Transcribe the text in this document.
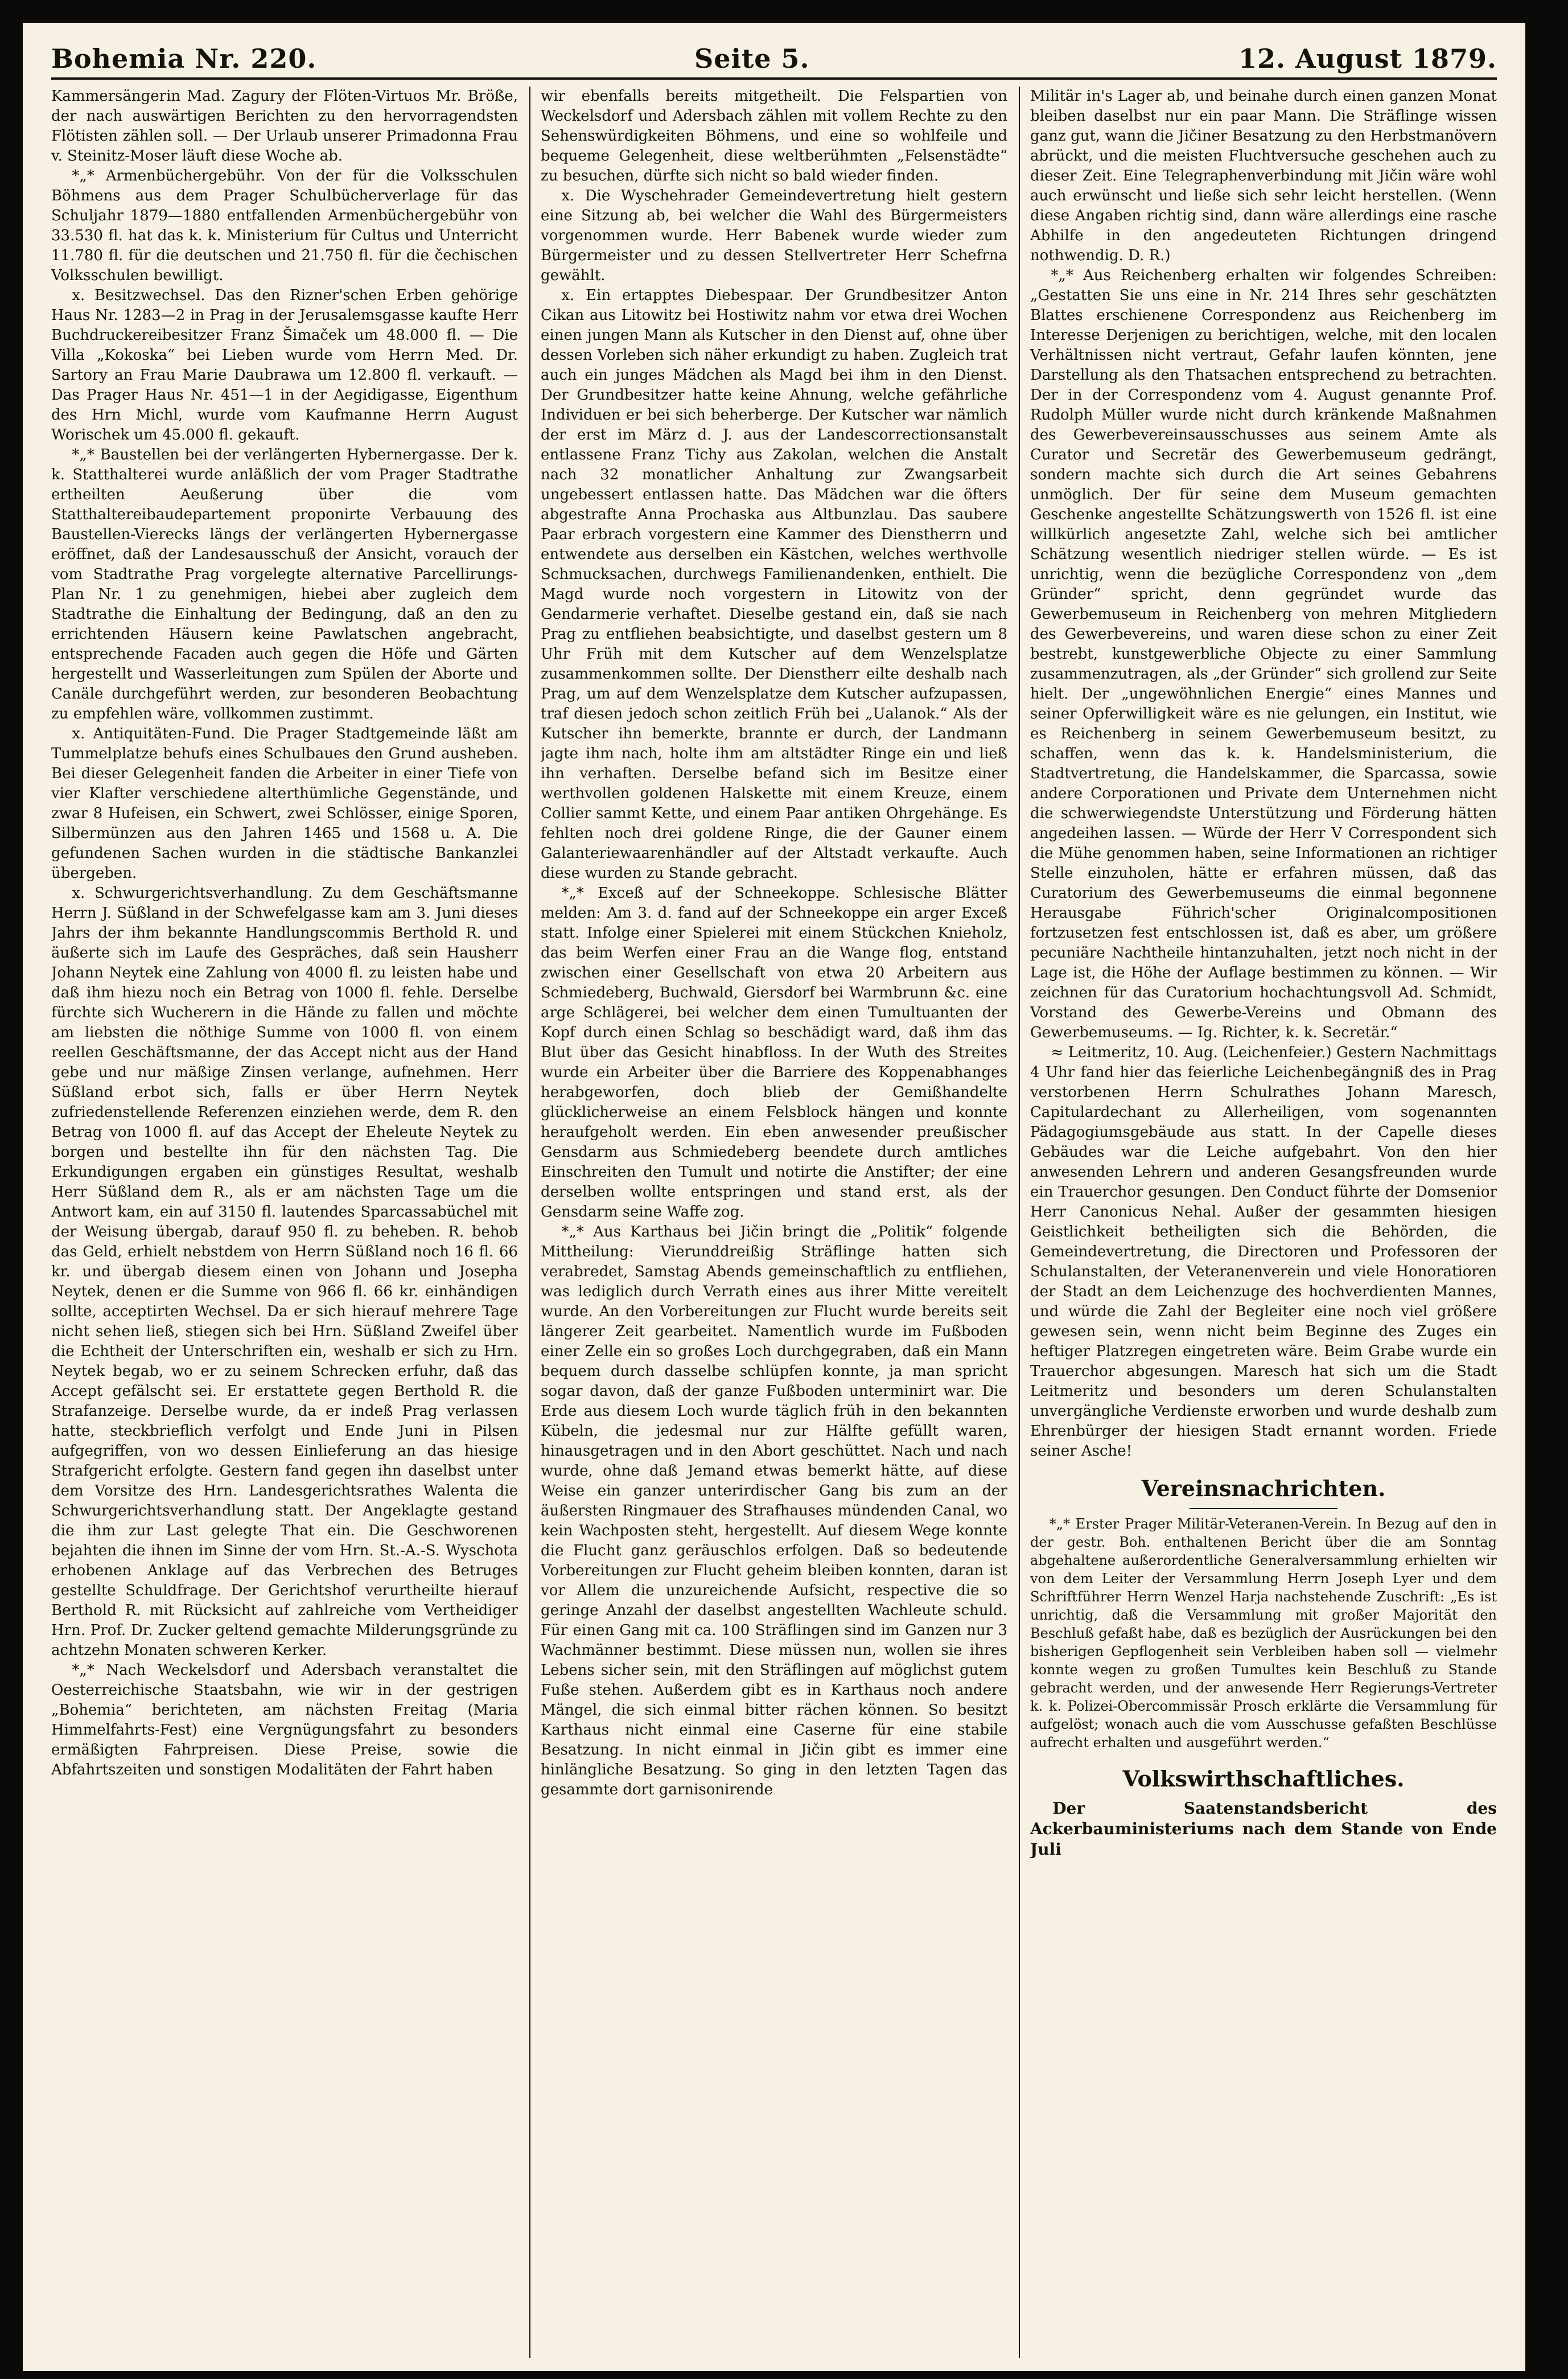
Bohemia Nr. 220.	Seite 5.	12. August 1879.

Kammersängerin Mad. Zagury der Flöten-Virtuos Mr. Bröße, der nach auswärtigen Berichten zu den hervorragendsten Flötisten zählen soll. — Der Urlaub unserer Primadonna Frau v. Steinitz-Moser läuft diese Woche ab.

*„* Armenbüchergebühr. Von der für die Volksschulen Böhmens aus dem Prager Schulbücherverlage für das Schuljahr 1879—1880 entfallenden Armenbüchergebühr von 33.530 fl. hat das k. k. Ministerium für Cultus und Unterricht 11.780 fl. für die deutschen und 21.750 fl. für die čechischen Volksschulen bewilligt.

x. Besitzwechsel. Das den Rizner'schen Erben gehörige Haus Nr. 1283—2 in Prag in der Jerusalemsgasse kaufte Herr Buchdruckereibesitzer Franz Šimaček um 48.000 fl. — Die Villa „Kokoska“ bei Lieben wurde vom Herrn Med. Dr. Sartory an Frau Marie Daubrawa um 12.800 fl. verkauft. — Das Prager Haus Nr. 451—1 in der Aegidigasse, Eigenthum des Hrn Michl, wurde vom Kaufmanne Herrn August Worischek um 45.000 fl. gekauft.

*„* Baustellen bei der verlängerten Hybernergasse. Der k. k. Statthalterei wurde anläßlich der vom Prager Stadtrathe ertheilten Aeußerung über die vom Statthaltereibaudepartement proponirte Verbauung des Baustellen-Vierecks längs der verlängerten Hybernergasse eröffnet, daß der Landesausschuß der Ansicht, vorauch der vom Stadtrathe Prag vorgelegte alternative Parcellirungs-Plan Nr. 1 zu genehmigen, hiebei aber zugleich dem Stadtrathe die Einhaltung der Bedingung, daß an den zu errichtenden Häusern keine Pawlatschen angebracht, entsprechende Facaden auch gegen die Höfe und Gärten hergestellt und Wasserleitungen zum Spülen der Aborte und Canäle durchgeführt werden, zur besonderen Beobachtung zu empfehlen wäre, vollkommen zustimmt.

x. Antiquitäten-Fund. Die Prager Stadtgemeinde läßt am Tummelplatze behufs eines Schulbaues den Grund ausheben. Bei dieser Gelegenheit fanden die Arbeiter in einer Tiefe von vier Klafter verschiedene alterthümliche Gegenstände, und zwar 8 Hufeisen, ein Schwert, zwei Schlösser, einige Sporen, Silbermünzen aus den Jahren 1465 und 1568 u. A. Die gefundenen Sachen wurden in die städtische Bankanzlei übergeben.

x. Schwurgerichtsverhandlung. Zu dem Geschäftsmanne Herrn J. Süßland in der Schwefelgasse kam am 3. Juni dieses Jahrs der ihm bekannte Handlungscommis Berthold R. und äußerte sich im Laufe des Gespräches, daß sein Hausherr Johann Neytek eine Zahlung von 4000 fl. zu leisten habe und daß ihm hiezu noch ein Betrag von 1000 fl. fehle. Derselbe fürchte sich Wucherern in die Hände zu fallen und möchte am liebsten die nöthige Summe von 1000 fl. von einem reellen Geschäftsmanne, der das Accept nicht aus der Hand gebe und nur mäßige Zinsen verlange, aufnehmen. Herr Süßland erbot sich, falls er über Herrn Neytek zufriedenstellende Referenzen einziehen werde, dem R. den Betrag von 1000 fl. auf das Accept der Eheleute Neytek zu borgen und bestellte ihn für den nächsten Tag. Die Erkundigungen ergaben ein günstiges Resultat, weshalb Herr Süßland dem R., als er am nächsten Tage um die Antwort kam, ein auf 3150 fl. lautendes Sparcassabüchel mit der Weisung übergab, darauf 950 fl. zu beheben. R. behob das Geld, erhielt nebstdem von Herrn Süßland noch 16 fl. 66 kr. und übergab diesem einen von Johann und Josepha Neytek, denen er die Summe von 966 fl. 66 kr. einhändigen sollte, acceptirten Wechsel. Da er sich hierauf mehrere Tage nicht sehen ließ, stiegen sich bei Hrn. Süßland Zweifel über die Echtheit der Unterschriften ein, weshalb er sich zu Hrn. Neytek begab, wo er zu seinem Schrecken erfuhr, daß das Accept gefälscht sei. Er erstattete gegen Berthold R. die Strafanzeige. Derselbe wurde, da er indeß Prag verlassen hatte, steckbrieflich verfolgt und Ende Juni in Pilsen aufgegriffen, von wo dessen Einlieferung an das hiesige Strafgericht erfolgte. Gestern fand gegen ihn daselbst unter dem Vorsitze des Hrn. Landesgerichtsrathes Walenta die Schwurgerichtsverhandlung statt. Der Angeklagte gestand die ihm zur Last gelegte That ein. Die Geschworenen bejahten die ihnen im Sinne der vom Hrn. St.-A.-S. Wyschota erhobenen Anklage auf das Verbrechen des Betruges gestellte Schuldfrage. Der Gerichtshof verurtheilte hierauf Berthold R. mit Rücksicht auf zahlreiche vom Vertheidiger Hrn. Prof. Dr. Zucker geltend gemachte Milderungsgründe zu achtzehn Monaten schweren Kerker.

*„* Nach Weckelsdorf und Adersbach veranstaltet die Oesterreichische Staatsbahn, wie wir in der gestrigen „Bohemia“ berichteten, am nächsten Freitag (Maria Himmelfahrts-Fest) eine Vergnügungsfahrt zu besonders ermäßigten Fahrpreisen. Diese Preise, sowie die Abfahrtszeiten und sonstigen Modalitäten der Fahrt haben

wir ebenfalls bereits mitgetheilt. Die Felspartien von Weckelsdorf und Adersbach zählen mit vollem Rechte zu den Sehenswürdigkeiten Böhmens, und eine so wohlfeile und bequeme Gelegenheit, diese weltberühmten „Felsenstädte“ zu besuchen, dürfte sich nicht so bald wieder finden.

x. Die Wyschehrader Gemeindevertretung hielt gestern eine Sitzung ab, bei welcher die Wahl des Bürgermeisters vorgenommen wurde. Herr Babenek wurde wieder zum Bürgermeister und zu dessen Stellvertreter Herr Schefrna gewählt.

x. Ein ertapptes Diebespaar. Der Grundbesitzer Anton Cikan aus Litowitz bei Hostiwitz nahm vor etwa drei Wochen einen jungen Mann als Kutscher in den Dienst auf, ohne über dessen Vorleben sich näher erkundigt zu haben. Zugleich trat auch ein junges Mädchen als Magd bei ihm in den Dienst. Der Grundbesitzer hatte keine Ahnung, welche gefährliche Individuen er bei sich beherberge. Der Kutscher war nämlich der erst im März d. J. aus der Landescorrectionsanstalt entlassene Franz Tichy aus Zakolan, welchen die Anstalt nach 32 monatlicher Anhaltung zur Zwangsarbeit ungebessert entlassen hatte. Das Mädchen war die öfters abgestrafte Anna Prochaska aus Altbunzlau. Das saubere Paar erbrach vorgestern eine Kammer des Dienstherrn und entwendete aus derselben ein Kästchen, welches werthvolle Schmucksachen, durchwegs Familienandenken, enthielt. Die Magd wurde noch vorgestern in Litowitz von der Gendarmerie verhaftet. Dieselbe gestand ein, daß sie nach Prag zu entfliehen beabsichtigte, und daselbst gestern um 8 Uhr Früh mit dem Kutscher auf dem Wenzelsplatze zusammenkommen sollte. Der Dienstherr eilte deshalb nach Prag, um auf dem Wenzelsplatze dem Kutscher aufzupassen, traf diesen jedoch schon zeitlich Früh bei „Ualanok.“ Als der Kutscher ihn bemerkte, brannte er durch, der Landmann jagte ihm nach, holte ihm am altstädter Ringe ein und ließ ihn verhaften. Derselbe befand sich im Besitze einer werthvollen goldenen Halskette mit einem Kreuze, einem Collier sammt Kette, und einem Paar antiken Ohrgehänge. Es fehlten noch drei goldene Ringe, die der Gauner einem Galanteriewaarenhändler auf der Altstadt verkaufte. Auch diese wurden zu Stande gebracht.

*„* Exceß auf der Schneekoppe. Schlesische Blätter melden: Am 3. d. fand auf der Schneekoppe ein arger Exceß statt. Infolge einer Spielerei mit einem Stückchen Knieholz, das beim Werfen einer Frau an die Wange flog, entstand zwischen einer Gesellschaft von etwa 20 Arbeitern aus Schmiedeberg, Buchwald, Giersdorf bei Warmbrunn &c. eine arge Schlägerei, bei welcher dem einen Tumultuanten der Kopf durch einen Schlag so beschädigt ward, daß ihm das Blut über das Gesicht hinabfloss. In der Wuth des Streites wurde ein Arbeiter über die Barriere des Koppenabhanges herabgeworfen, doch blieb der Gemißhandelte glücklicherweise an einem Felsblock hängen und konnte heraufgeholt werden. Ein eben anwesender preußischer Gensdarm aus Schmiedeberg beendete durch amtliches Einschreiten den Tumult und notirte die Anstifter; der eine derselben wollte entspringen und stand erst, als der Gensdarm seine Waffe zog.

*„* Aus Karthaus bei Jičin bringt die „Politik“ folgende Mittheilung: Vierunddreißig Sträflinge hatten sich verabredet, Samstag Abends gemeinschaftlich zu entfliehen, was lediglich durch Verrath eines aus ihrer Mitte vereitelt wurde. An den Vorbereitungen zur Flucht wurde bereits seit längerer Zeit gearbeitet. Namentlich wurde im Fußboden einer Zelle ein so großes Loch durchgegraben, daß ein Mann bequem durch dasselbe schlüpfen konnte, ja man spricht sogar davon, daß der ganze Fußboden unterminirt war. Die Erde aus diesem Loch wurde täglich früh in den bekannten Kübeln, die jedesmal nur zur Hälfte gefüllt waren, hinausgetragen und in den Abort geschüttet. Nach und nach wurde, ohne daß Jemand etwas bemerkt hätte, auf diese Weise ein ganzer unterirdischer Gang bis zum an der äußersten Ringmauer des Strafhauses mündenden Canal, wo kein Wachposten steht, hergestellt. Auf diesem Wege konnte die Flucht ganz geräuschlos erfolgen. Daß so bedeutende Vorbereitungen zur Flucht geheim bleiben konnten, daran ist vor Allem die unzureichende Aufsicht, respective die so geringe Anzahl der daselbst angestellten Wachleute schuld. Für einen Gang mit ca. 100 Sträflingen sind im Ganzen nur 3 Wachmänner bestimmt. Diese müssen nun, wollen sie ihres Lebens sicher sein, mit den Sträflingen auf möglichst gutem Fuße stehen. Außerdem gibt es in Karthaus noch andere Mängel, die sich einmal bitter rächen können. So besitzt Karthaus nicht einmal eine Caserne für eine stabile Besatzung. In nicht einmal in Jičin gibt es immer eine hinlängliche Besatzung. So ging in den letzten Tagen das gesammte dort garnisonirende

Militär in's Lager ab, und beinahe durch einen ganzen Monat bleiben daselbst nur ein paar Mann. Die Sträflinge wissen ganz gut, wann die Jičiner Besatzung zu den Herbstmanövern abrückt, und die meisten Fluchtversuche geschehen auch zu dieser Zeit. Eine Telegraphenverbindung mit Jičin wäre wohl auch erwünscht und ließe sich sehr leicht herstellen. (Wenn diese Angaben richtig sind, dann wäre allerdings eine rasche Abhilfe in den angedeuteten Richtungen dringend nothwendig. D. R.)

*„* Aus Reichenberg erhalten wir folgendes Schreiben: „Gestatten Sie uns eine in Nr. 214 Ihres sehr geschätzten Blattes erschienene Correspondenz aus Reichenberg im Interesse Derjenigen zu berichtigen, welche, mit den localen Verhältnissen nicht vertraut, Gefahr laufen könnten, jene Darstellung als den Thatsachen entsprechend zu betrachten. Der in der Correspondenz vom 4. August genannte Prof. Rudolph Müller wurde nicht durch kränkende Maßnahmen des Gewerbevereinsausschusses aus seinem Amte als Curator und Secretär des Gewerbemuseum gedrängt, sondern machte sich durch die Art seines Gebahrens unmöglich. Der für seine dem Museum gemachten Geschenke angestellte Schätzungswerth von 1526 fl. ist eine willkürlich angesetzte Zahl, welche sich bei amtlicher Schätzung wesentlich niedriger stellen würde. — Es ist unrichtig, wenn die bezügliche Correspondenz von „dem Gründer“ spricht, denn gegründet wurde das Gewerbemuseum in Reichenberg von mehren Mitgliedern des Gewerbevereins, und waren diese schon zu einer Zeit bestrebt, kunstgewerbliche Objecte zu einer Sammlung zusammenzutragen, als „der Gründer“ sich grollend zur Seite hielt. Der „ungewöhnlichen Energie“ eines Mannes und seiner Opferwilligkeit wäre es nie gelungen, ein Institut, wie es Reichenberg in seinem Gewerbemuseum besitzt, zu schaffen, wenn das k. k. Handelsministerium, die Stadtvertretung, die Handelskammer, die Sparcassa, sowie andere Corporationen und Private dem Unternehmen nicht die schwerwiegendste Unterstützung und Förderung hätten angedeihen lassen. — Würde der Herr V Correspondent sich die Mühe genommen haben, seine Informationen an richtiger Stelle einzuholen, hätte er erfahren müssen, daß das Curatorium des Gewerbemuseums die einmal begonnene Herausgabe Führich'scher Originalcompositionen fortzusetzen fest entschlossen ist, daß es aber, um größere pecuniäre Nachtheile hintanzuhalten, jetzt noch nicht in der Lage ist, die Höhe der Auflage bestimmen zu können. — Wir zeichnen für das Curatorium hochachtungsvoll Ad. Schmidt, Vorstand des Gewerbe-Vereins und Obmann des Gewerbemuseums. — Ig. Richter, k. k. Secretär.“

≈ Leitmeritz, 10. Aug. (Leichenfeier.) Gestern Nachmittags 4 Uhr fand hier das feierliche Leichenbegängniß des in Prag verstorbenen Herrn Schulrathes Johann Maresch, Capitulardechant zu Allerheiligen, vom sogenannten Pädagogiumsgebäude aus statt. In der Capelle dieses Gebäudes war die Leiche aufgebahrt. Von den hier anwesenden Lehrern und anderen Gesangsfreunden wurde ein Trauerchor gesungen. Den Conduct führte der Domsenior Herr Canonicus Nehal. Außer der gesammten hiesigen Geistlichkeit betheiligten sich die Behörden, die Gemeindevertretung, die Directoren und Professoren der Schulanstalten, der Veteranenverein und viele Honoratioren der Stadt an dem Leichenzuge des hochverdienten Mannes, und würde die Zahl der Begleiter eine noch viel größere gewesen sein, wenn nicht beim Beginne des Zuges ein heftiger Platzregen eingetreten wäre. Beim Grabe wurde ein Trauerchor abgesungen. Maresch hat sich um die Stadt Leitmeritz und besonders um deren Schulanstalten unvergängliche Verdienste erworben und wurde deshalb zum Ehrenbürger der hiesigen Stadt ernannt worden. Friede seiner Asche!

Vereinsnachrichten.

*„* Erster Prager Militär-Veteranen-Verein. In Bezug auf den in der gestr. Boh. enthaltenen Bericht über die am Sonntag abgehaltene außerordentliche Generalversammlung erhielten wir von dem Leiter der Versammlung Herrn Joseph Lyer und dem Schriftführer Herrn Wenzel Harja nachstehende Zuschrift: „Es ist unrichtig, daß die Versammlung mit großer Majorität den Beschluß gefaßt habe, daß es bezüglich der Ausrückungen bei den bisherigen Gepflogenheit sein Verbleiben haben soll — vielmehr konnte wegen zu großen Tumultes kein Beschluß zu Stande gebracht werden, und der anwesende Herr Regierungs-Vertreter k. k. Polizei-Obercommissär Prosch erklärte die Versammlung für aufgelöst; wonach auch die vom Ausschusse gefaßten Beschlüsse aufrecht erhalten und ausgeführt werden.“

Volkswirthschaftliches.

Der Saatenstandsbericht des Ackerbauministeriums nach dem Stande von Ende Juli
